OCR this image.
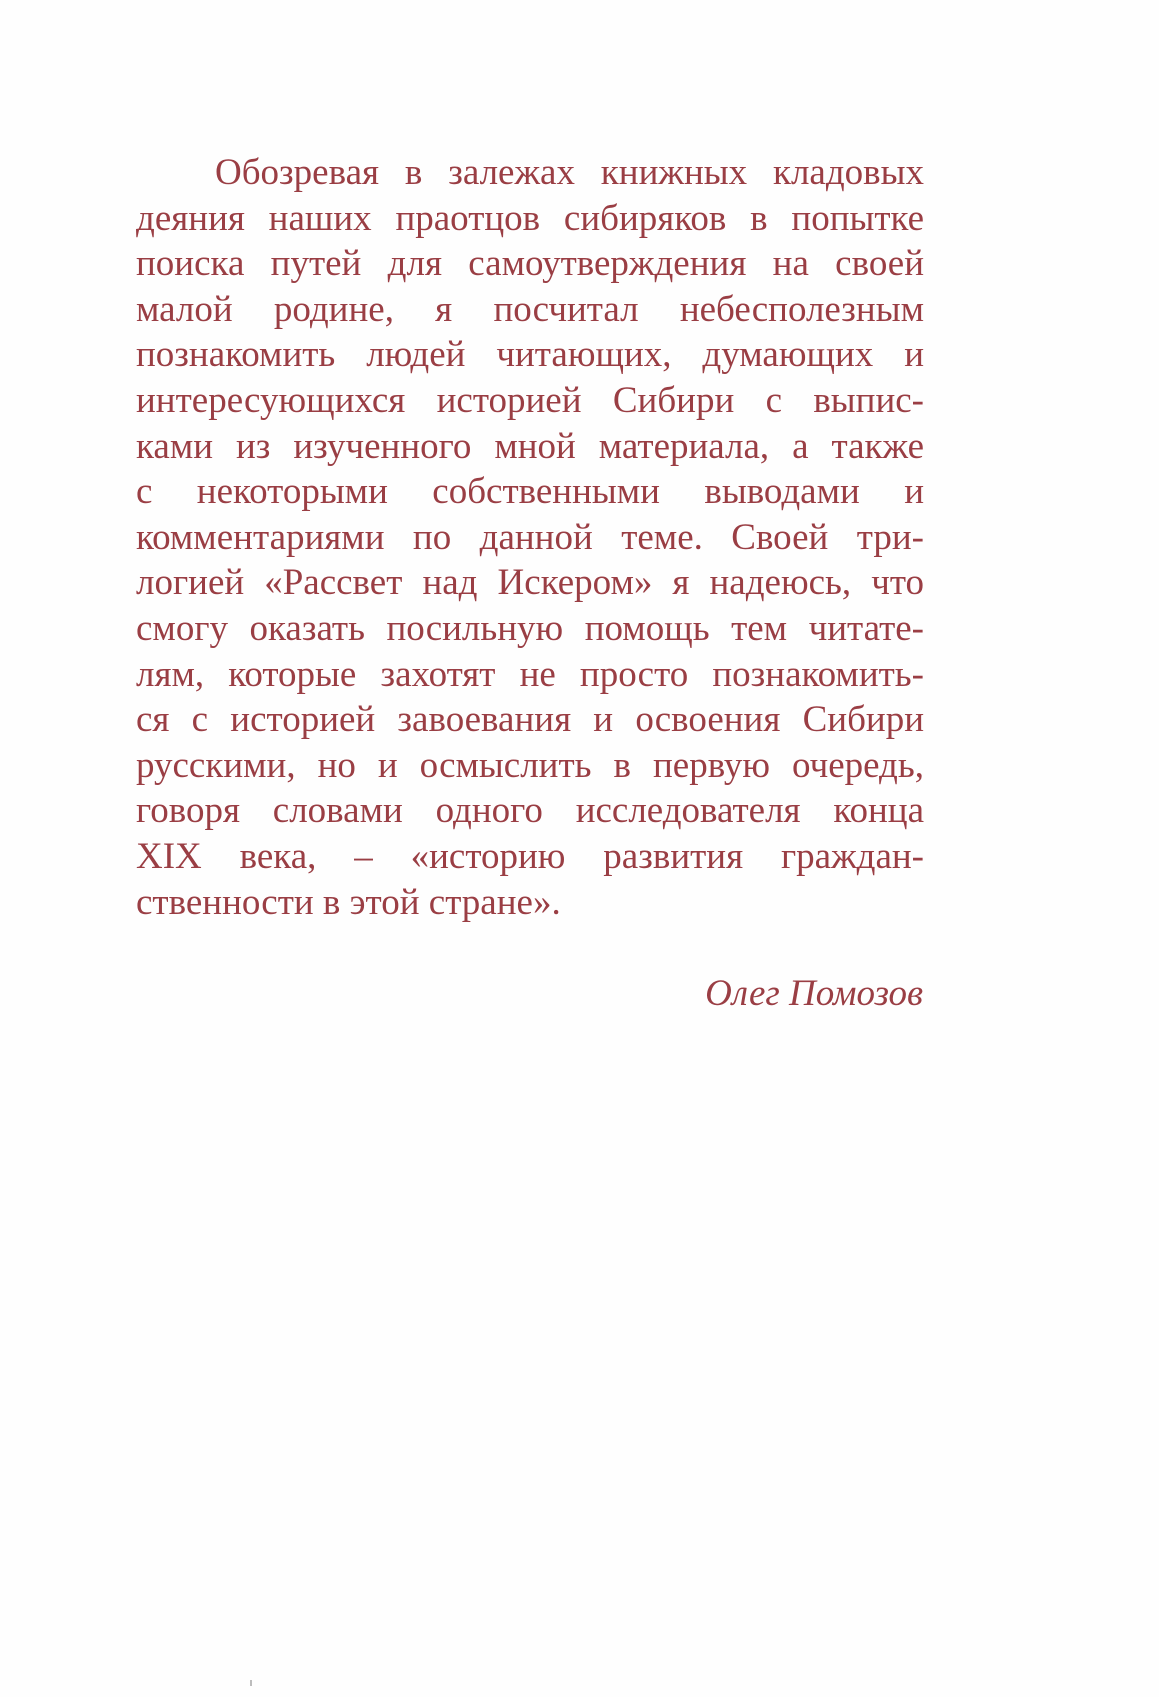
Обозревая в залежах книжных кладовых
деяния наших праотцов сибиряков в попытке
поиска путей для самоутверждения на своей
малой родине, я посчитал небесполезным
познакомить людей читающих, думающих и
интересующихся историей Сибири с выпис-
ками из изученного мной материала, а также
с некоторыми собственными выводами и
комментариями по данной теме. Своей три-
логией «Рассвет над Искером» я надеюсь, что
смогу оказать посильную помощь тем читате-
лям, которые захотят не просто познакомить-
ся с историей завоевания и освоения Сибири
русскими, но и осмыслить в первую очередь,
говоря словами одного исследователя конца
XIX века, – «историю развития граждан-
ственности в этой стране».
Олег Помозов
